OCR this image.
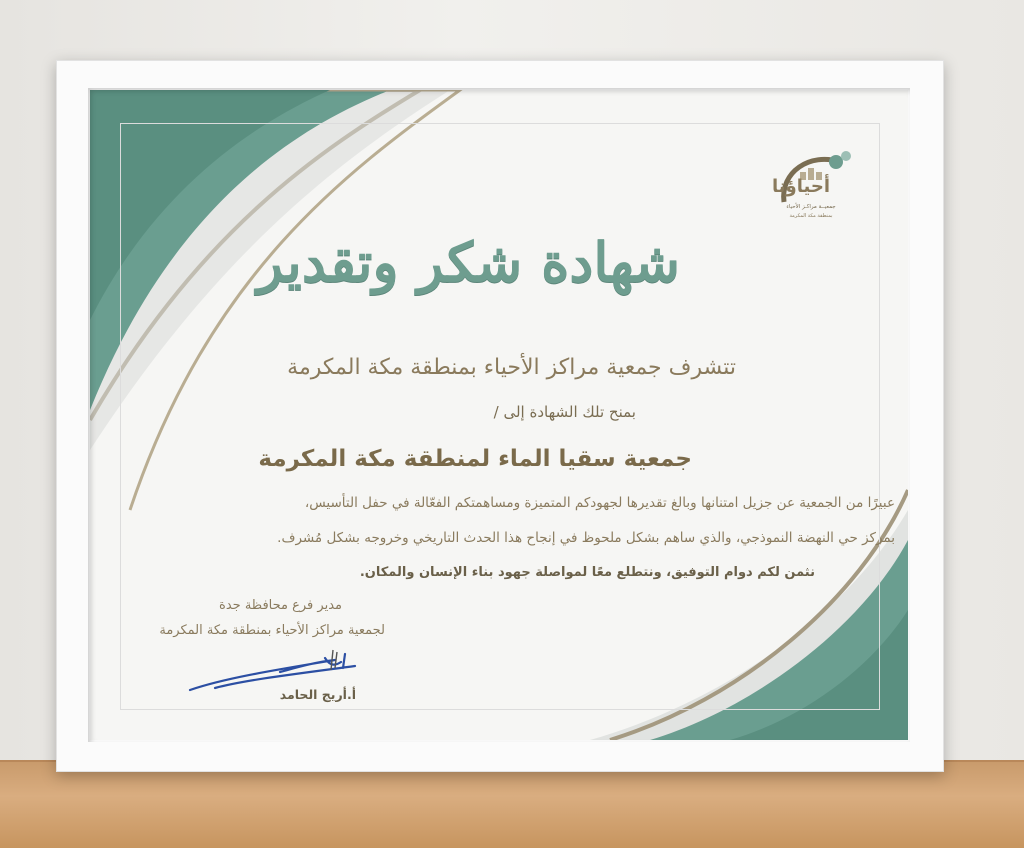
أحياؤنا
جمعيــة مراكـز الأحياء
بمنطقة مكة المكرمة
شهادة شكر وتقدير
تتشرف جمعية مراكز الأحياء بمنطقة مكة المكرمة
بمنح تلك الشهادة إلى /
جمعية سقيا الماء لمنطقة مكة المكرمة
عبيرًا من الجمعية عن جزيل امتنانها وبالغ تقديرها لجهودكم المتميزة ومساهمتكم الفعّالة في حفل التأسيس،
بمركز حي النهضة النموذجي، والذي ساهم بشكل ملحوظ في إنجاح هذا الحدث التاريخي وخروجه بشكل مُشرف.
نثمن لكم دوام التوفيق، ونتطلع معًا لمواصلة جهود بناء الإنسان والمكان.
مدير فرع محافظة جدة
لجمعية مراكز الأحياء بمنطقة مكة المكرمة
أ.أريج الحامد
